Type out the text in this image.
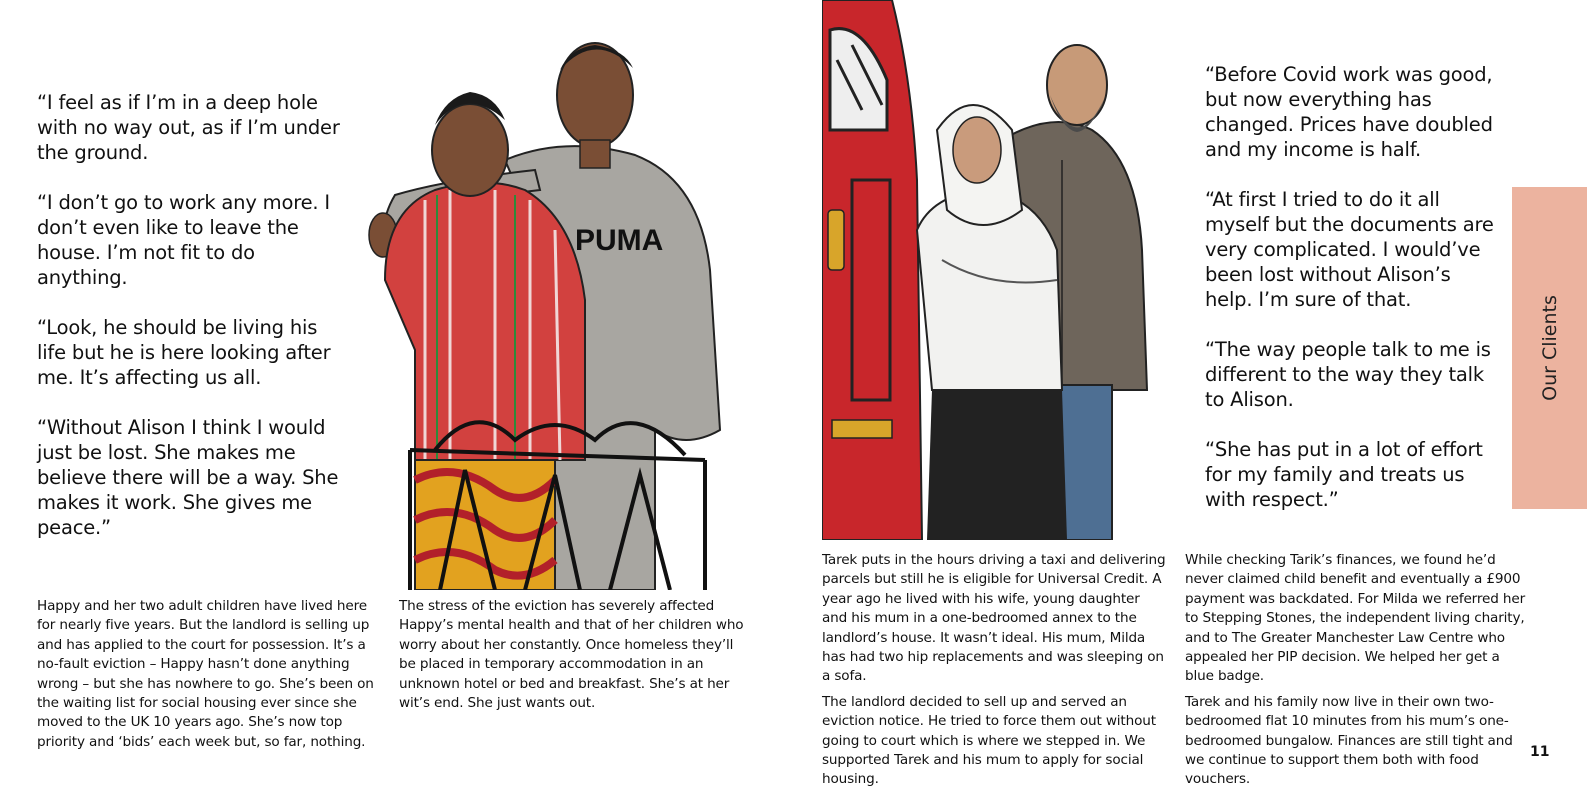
“I feel as if I’m in a deep hole with no way out, as if I’m under the ground.

“I don’t go to work any more. I don’t even like to leave the house. I’m not fit to do anything.

“Look, he should be living his life but he is here looking after me. It’s affecting us all.

“Without Alison I think I would just be lost. She makes me believe there will be a way. She makes it work. She gives me peace.”

PUMA

Happy and her two adult children have lived here for nearly five years. But the landlord is selling up and has applied to the court for possession. It’s a no-fault eviction – Happy hasn’t done anything wrong – but she has nowhere to go. She’s been on the waiting list for social housing ever since she moved to the UK 10 years ago. She’s now top priority and ‘bids’ each week but, so far, nothing.

The stress of the eviction has severely affected Happy’s mental health and that of her children who worry about her constantly. Once homeless they’ll be placed in temporary accommodation in an unknown hotel or bed and breakfast. She’s at her wit’s end. She just wants out.

“Before Covid work was good, but now everything has changed. Prices have doubled and my income is half.

“At first I tried to do it all myself but the documents are very complicated. I would’ve been lost without Alison’s help. I’m sure of that.

“The way people talk to me is different to the way they talk to Alison.

“She has put in a lot of effort for my family and treats us with respect.”

Our Clients

Tarek puts in the hours driving a taxi and delivering parcels but still he is eligible for Universal Credit. A year ago he lived with his wife, young daughter and his mum in a one-bedroomed annex to the landlord’s house. It wasn’t ideal. His mum, Milda has had two hip replacements and was sleeping on a sofa.

The landlord decided to sell up and served an eviction notice. He tried to force them out without going to court which is where we stepped in. We supported Tarek and his mum to apply for social housing.

While checking Tarik’s finances, we found he’d never claimed child benefit and eventually a £900 payment was backdated. For Milda we referred her to Stepping Stones, the independent living charity, and to The Greater Manchester Law Centre who appealed her PIP decision. We helped her get a blue badge.

Tarek and his family now live in their own two-bedroomed flat 10 minutes from his mum’s one-bedroomed bungalow. Finances are still tight and we continue to support them both with food vouchers.

11
